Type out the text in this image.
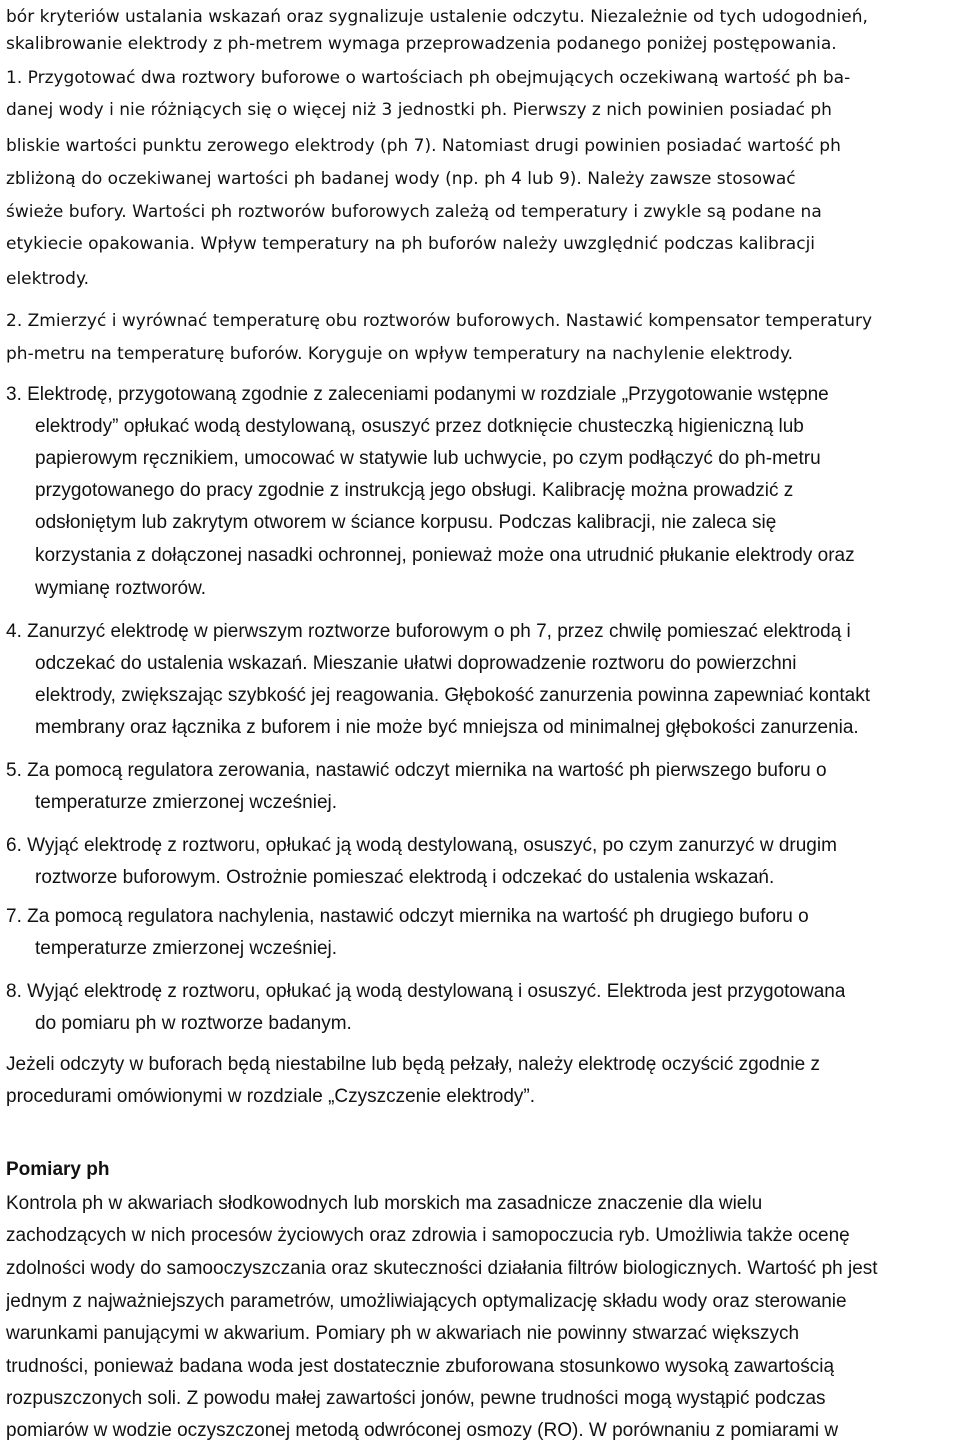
bór kryteriów ustalania wskazań oraz sygnalizuje ustalenie odczytu. Niezależnie od tych udogodnień,
skalibrowanie elektrody z ph-metrem wymaga przeprowadzenia podanego poniżej postępowania.
1. Przygotować dwa roztwory buforowe o wartościach ph obejmujących oczekiwaną wartość ph ba-
danej wody i nie różniących się o więcej niż 3 jednostki ph. Pierwszy z nich powinien posiadać ph
bliskie wartości punktu zerowego elektrody (ph 7). Natomiast drugi powinien posiadać wartość ph
zbliżoną do oczekiwanej wartości ph badanej wody (np. ph 4 lub 9). Należy zawsze stosować
świeże bufory. Wartości ph roztworów buforowych zależą od temperatury i zwykle są podane na
etykiecie opakowania. Wpływ temperatury na ph buforów należy uwzględnić podczas kalibracji
elektrody.
2. Zmierzyć i wyrównać temperaturę obu roztworów buforowych. Nastawić kompensator temperatury
ph-metru na temperaturę buforów. Koryguje on wpływ temperatury na nachylenie elektrody.
3. Elektrodę, przygotowaną zgodnie z zaleceniami podanymi w rozdziale „Przygotowanie wstępne
elektrody” opłukać wodą destylowaną, osuszyć przez dotknięcie chusteczką higieniczną lub
papierowym ręcznikiem, umocować w statywie lub uchwycie, po czym podłączyć do ph-metru
przygotowanego do pracy zgodnie z instrukcją jego obsługi. Kalibrację można prowadzić z
odsłoniętym lub zakrytym otworem w ściance korpusu. Podczas kalibracji, nie zaleca się
korzystania z dołączonej nasadki ochronnej, ponieważ może ona utrudnić płukanie elektrody oraz
wymianę roztworów.
4. Zanurzyć elektrodę w pierwszym roztworze buforowym o ph 7, przez chwilę pomieszać elektrodą i
odczekać do ustalenia wskazań. Mieszanie ułatwi doprowadzenie roztworu do powierzchni
elektrody, zwiększając szybkość jej reagowania. Głębokość zanurzenia powinna zapewniać kontakt
membrany oraz łącznika z buforem i nie może być mniejsza od minimalnej głębokości zanurzenia.
5. Za pomocą regulatora zerowania, nastawić odczyt miernika na wartość ph pierwszego buforu o
temperaturze zmierzonej wcześniej.
6. Wyjąć elektrodę z roztworu, opłukać ją wodą destylowaną, osuszyć, po czym zanurzyć w drugim
roztworze buforowym. Ostrożnie pomieszać elektrodą i odczekać do ustalenia wskazań.
7. Za pomocą regulatora nachylenia, nastawić odczyt miernika na wartość ph drugiego buforu o
temperaturze zmierzonej wcześniej.
8. Wyjąć elektrodę z roztworu, opłukać ją wodą destylowaną i osuszyć. Elektroda jest przygotowana
do pomiaru ph w roztworze badanym.
Jeżeli odczyty w buforach będą niestabilne lub będą pełzały, należy elektrodę oczyścić zgodnie z
procedurami omówionymi w rozdziale „Czyszczenie elektrody”.
Pomiary ph
Kontrola ph w akwariach słodkowodnych lub morskich ma zasadnicze znaczenie dla wielu
zachodzących w nich procesów życiowych oraz zdrowia i samopoczucia ryb. Umożliwia także ocenę
zdolności wody do samooczyszczania oraz skuteczności działania filtrów biologicznych. Wartość ph jest
jednym z najważniejszych parametrów, umożliwiających optymalizację składu wody oraz sterowanie
warunkami panującymi w akwarium. Pomiary ph w akwariach nie powinny stwarzać większych
trudności, ponieważ badana woda jest dostatecznie zbuforowana stosunkowo wysoką zawartością
rozpuszczonych soli. Z powodu małej zawartości jonów, pewne trudności mogą wystąpić podczas
pomiarów w wodzie oczyszczonej metodą odwróconej osmozy (RO). W porównaniu z pomiarami w
